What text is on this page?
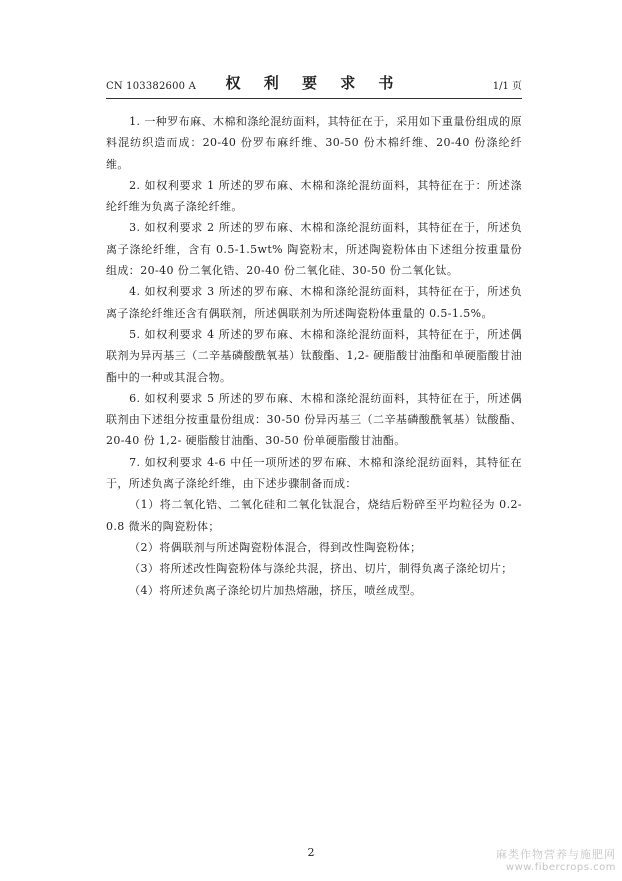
CN 103382600 A	权 利 要 求 书	1/1 页

1. 一种罗布麻、木棉和涤纶混纺面料，其特征在于，采用如下重量份组成的原料混纺织造而成：20-40 份罗布麻纤维、30-50 份木棉纤维、20-40 份涤纶纤维。

2. 如权利要求 1 所述的罗布麻、木棉和涤纶混纺面料，其特征在于：所述涤纶纤维为负离子涤纶纤维。

3. 如权利要求 2 所述的罗布麻、木棉和涤纶混纺面料，其特征在于，所述负离子涤纶纤维，含有 0.5-1.5wt% 陶瓷粉末，所述陶瓷粉体由下述组分按重量份组成：20-40 份二氧化锆、20-40 份二氧化硅、30-50 份二氧化钛。

4. 如权利要求 3 所述的罗布麻、木棉和涤纶混纺面料，其特征在于，所述负离子涤纶纤维还含有偶联剂，所述偶联剂为所述陶瓷粉体重量的 0.5-1.5%。

5. 如权利要求 4 所述的罗布麻、木棉和涤纶混纺面料，其特征在于，所述偶联剂为异丙基三（二辛基磷酸酰氧基）钛酸酯、1,2- 硬脂酸甘油酯和单硬脂酸甘油酯中的一种或其混合物。

6. 如权利要求 5 所述的罗布麻、木棉和涤纶混纺面料，其特征在于，所述偶联剂由下述组分按重量份组成：30-50 份异丙基三（二辛基磷酸酰氧基）钛酸酯、20-40 份 1,2- 硬脂酸甘油酯、30-50 份单硬脂酸甘油酯。

7. 如权利要求 4-6 中任一项所述的罗布麻、木棉和涤纶混纺面料，其特征在于，所述负离子涤纶纤维，由下述步骤制备而成：

（1）将二氧化锆、二氧化硅和二氧化钛混合，烧结后粉碎至平均粒径为 0.2-0.8 微米的陶瓷粉体；

（2）将偶联剂与所述陶瓷粉体混合，得到改性陶瓷粉体；

（3）将所述改性陶瓷粉体与涤纶共混，挤出、切片，制得负离子涤纶切片；

（4）将所述负离子涤纶切片加热熔融，挤压，喷丝成型。

2	麻类作物营养与施肥网
www.fibercrops.com
